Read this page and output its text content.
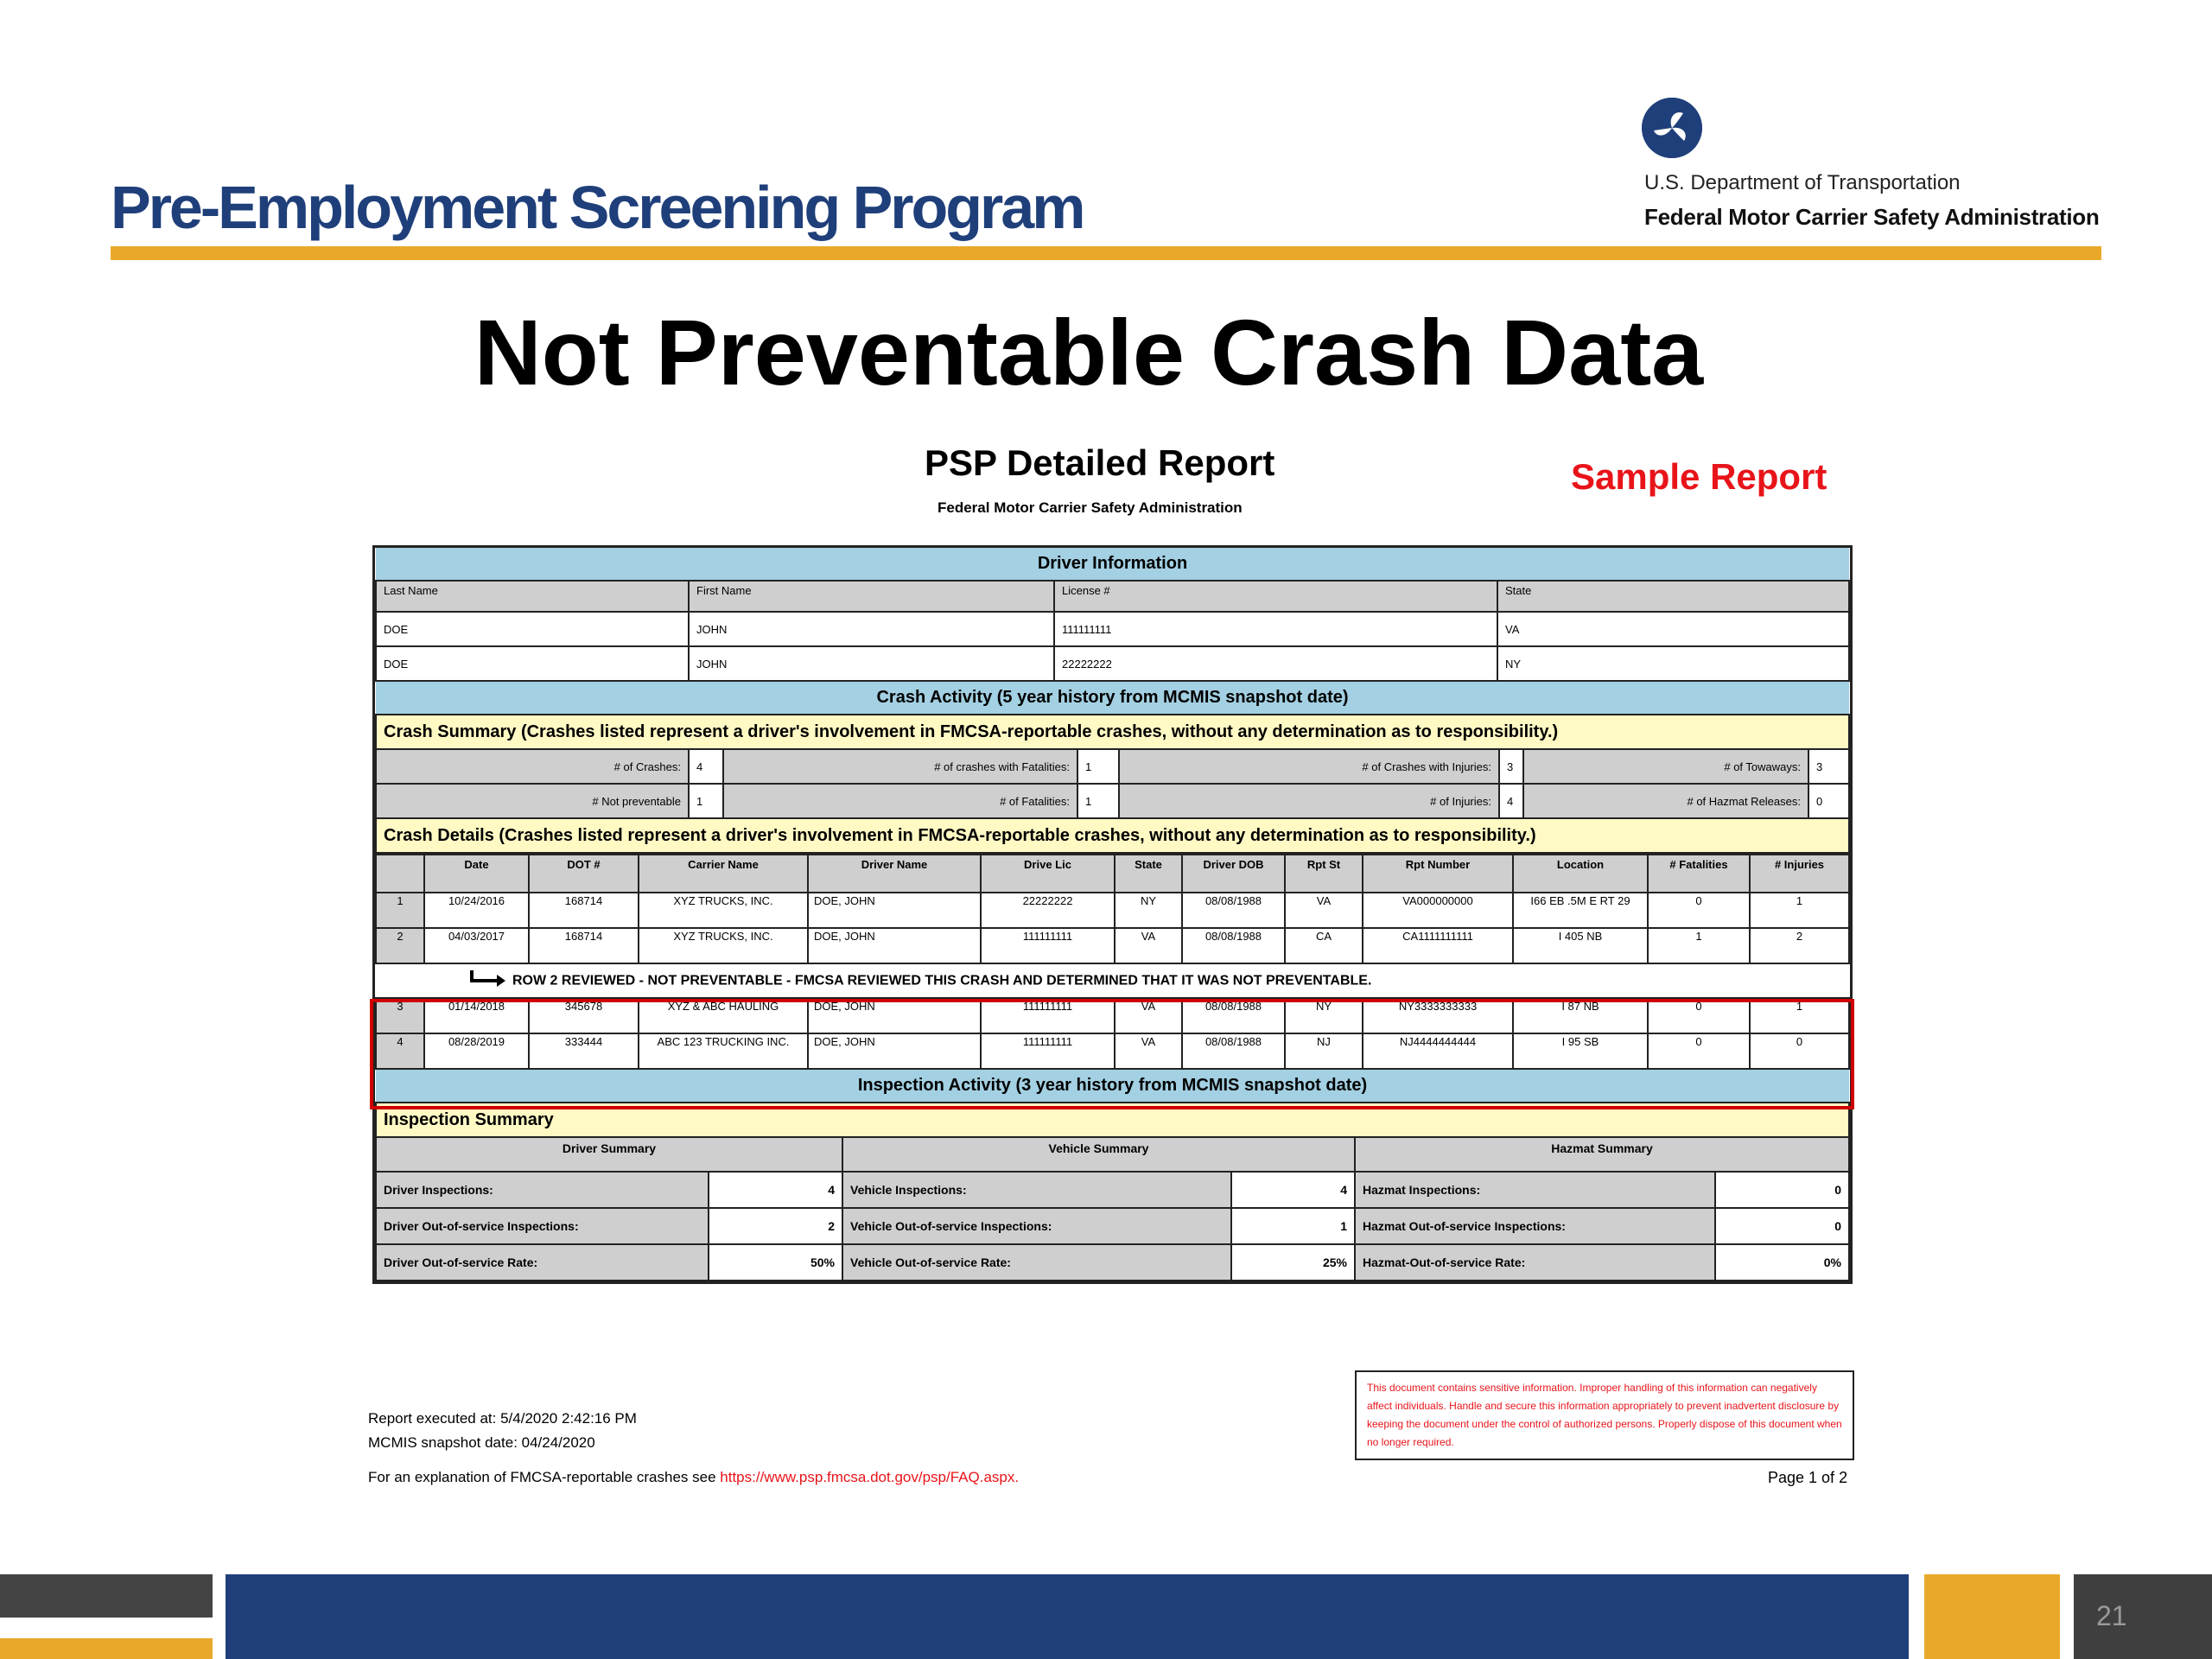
Pre-Employment Screening Program	U.S. Department of Transportation
Federal Motor Carrier Safety Administration
Not Preventable Crash Data
PSP Detailed Report
Federal Motor Carrier Safety Administration
Sample Report
Driver Information			
Last Name	First Name	License #	State
DOE	JOHN	111111111	VA
DOE	JOHN	22222222	NY
Crash Activity (5 year history from MCMIS snapshot date)							
Crash Summary (Crashes listed represent a driver's involvement in FMCSA-reportable crashes, without any determination as to responsibility.)							
# of Crashes:	4	# of crashes with Fatalities:	1	# of Crashes with Injuries:	3	# of Towaways:	3
# Not preventable	1	# of Fatalities:	1	# of Injuries:	4	# of Hazmat Releases:	0
Crash Details (Crashes listed represent a driver's involvement in FMCSA-reportable crashes, without any determination as to responsibility.)							
	Date	DOT #	Carrier Name	Driver Name	Drive Lic	State	Driver DOB	Rpt St	Rpt Number	Location	# Fatalities	# Injuries
1	10/24/2016	168714	XYZ TRUCKS, INC.	DOE, JOHN	22222222	NY	08/08/1988	VA	VA000000000	I66 EB .5M E RT 29	0	1
2	04/03/2017	168714	XYZ TRUCKS, INC.	DOE, JOHN	111111111	VA	08/08/1988	CA	CA1111111111	I 405 NB	1	2
ROW 2 REVIEWED - NOT PREVENTABLE - FMCSA REVIEWED THIS CRASH AND DETERMINED THAT IT WAS NOT PREVENTABLE.												
3	01/14/2018	345678	XYZ & ABC HAULING	DOE, JOHN	111111111	VA	08/08/1988	NY	NY3333333333	I 87 NB	0	1
4	08/28/2019	333444	ABC 123 TRUCKING INC.	DOE, JOHN	111111111	VA	08/08/1988	NJ	NJ4444444444	I 95 SB	0	0
Inspection Activity (3 year history from MCMIS snapshot date)					
Inspection Summary					
Driver Summary		Vehicle Summary		Hazmat Summary	
Driver Inspections:	4	Vehicle Inspections:	4	Hazmat Inspections:	0
Driver Out-of-service Inspections:	2	Vehicle Out-of-service Inspections:	1	Hazmat Out-of-service Inspections:	0
Driver Out-of-service Rate:	50%	Vehicle Out-of-service Rate:	25%	Hazmat-Out-of-service Rate:	0%
Report executed at: 5/4/2020 2:42:16 PM
MCMIS snapshot date: 04/24/2020
For an explanation of FMCSA-reportable crashes see https://www.psp.fmcsa.dot.gov/psp/FAQ.aspx.
This document contains sensitive information. Improper handling of this information can negatively affect individuals. Handle and secure this information appropriately to prevent inadvertent disclosure by keeping the document under the control of authorized persons. Properly dispose of this document when no longer required.
Page 1 of 2
21
